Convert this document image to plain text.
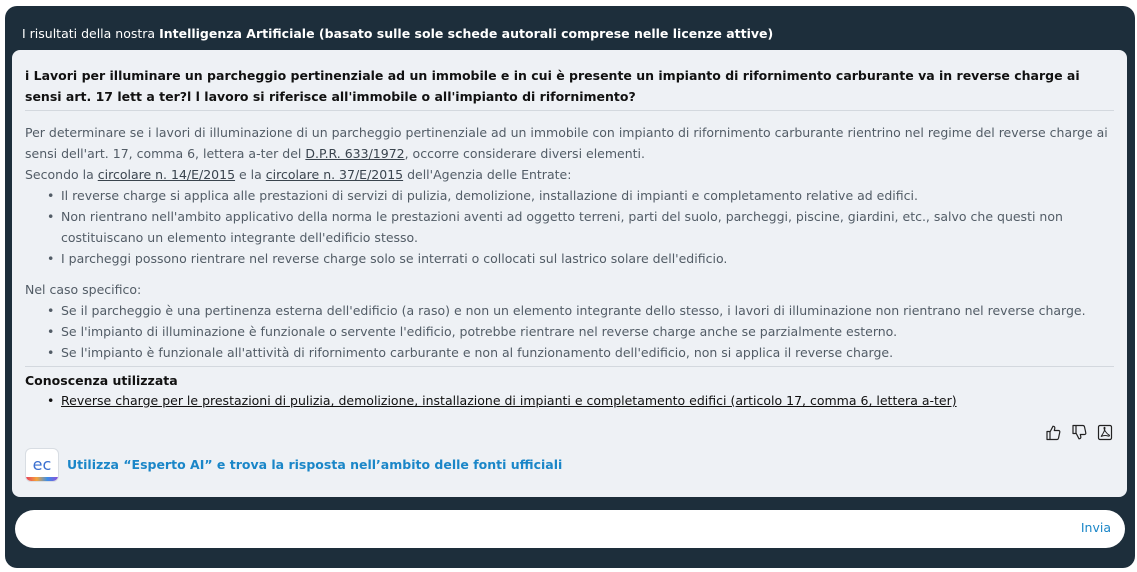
I risultati della nostra Intelligenza Artificiale (basato sulle sole schede autorali comprese nelle licenze attive)
i Lavori per illuminare un parcheggio pertinenziale ad un immobile e in cui è presente un impianto di rifornimento carburante va in reverse charge ai sensi art. 17 lett a ter?l l lavoro si riferisce all'immobile o all'impianto di rifornimento?
Per determinare se i lavori di illuminazione di un parcheggio pertinenziale ad un immobile con impianto di rifornimento carburante rientrino nel regime del reverse charge ai sensi dell'art. 17, comma 6, lettera a-ter del D.P.R. 633/1972, occorre considerare diversi elementi.
Secondo la circolare n. 14/E/2015 e la circolare n. 37/E/2015 dell'Agenzia delle Entrate:
• Il reverse charge si applica alle prestazioni di servizi di pulizia, demolizione, installazione di impianti e completamento relative ad edifici.
• Non rientrano nell'ambito applicativo della norma le prestazioni aventi ad oggetto terreni, parti del suolo, parcheggi, piscine, giardini, etc., salvo che questi non costituiscano un elemento integrante dell'edificio stesso.
• I parcheggi possono rientrare nel reverse charge solo se interrati o collocati sul lastrico solare dell'edificio.
Nel caso specifico:
• Se il parcheggio è una pertinenza esterna dell'edificio (a raso) e non un elemento integrante dello stesso, i lavori di illuminazione non rientrano nel reverse charge.
• Se l'impianto di illuminazione è funzionale o servente l'edificio, potrebbe rientrare nel reverse charge anche se parzialmente esterno.
• Se l'impianto è funzionale all'attività di rifornimento carburante e non al funzionamento dell'edificio, non si applica il reverse charge.
Conoscenza utilizzata
• Reverse charge per le prestazioni di pulizia, demolizione, installazione di impianti e completamento edifici (articolo 17, comma 6, lettera a-ter)
ec Utilizza “Esperto AI” e trova la risposta nell’ambito delle fonti ufficiali
Invia
